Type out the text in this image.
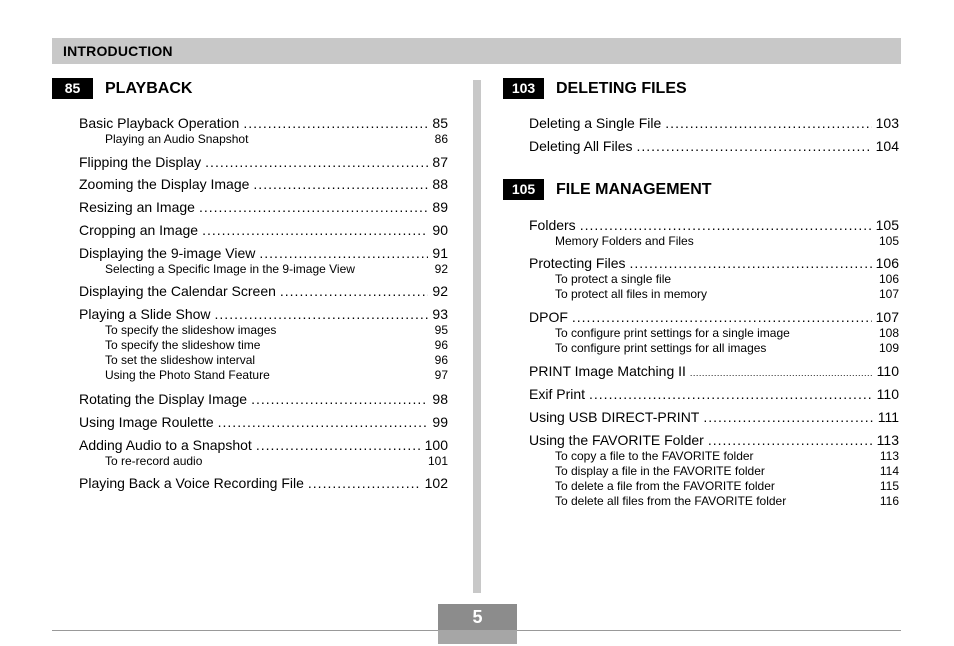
INTRODUCTION
85	PLAYBACK
Basic Playback Operation .....	85
Playing an Audio Snapshot	86
Flipping the Display .....	87
Zooming the Display Image .....	88
Resizing an Image .....	89
Cropping an Image .....	90
Displaying the 9-image View .....	91
Selecting a Specific Image in the 9-image View	92
Displaying the Calendar Screen .....	92
Playing a Slide Show .....	93
To specify the slideshow images	95
To specify the slideshow time	96
To set the slideshow interval	96
Using the Photo Stand Feature	97
Rotating the Display Image .....	98
Using Image Roulette .....	99
Adding Audio to a Snapshot .....	100
To re-record audio	101
Playing Back a Voice Recording File .....	102
103	DELETING FILES
Deleting a Single File .....	103
Deleting All Files .....	104
105	FILE MANAGEMENT
Folders .....	105
Memory Folders and Files	105
Protecting Files .....	106
To protect a single file	106
To protect all files in memory	107
DPOF .....	107
To configure print settings for a single image	108
To configure print settings for all images	109
PRINT Image Matching II .....	110
Exif Print .....	110
Using USB DIRECT-PRINT .....	111
Using the FAVORITE Folder .....	113
To copy a file to the FAVORITE folder	113
To display a file in the FAVORITE folder	114
To delete a file from the FAVORITE folder	115
To delete all files from the FAVORITE folder	116
5
